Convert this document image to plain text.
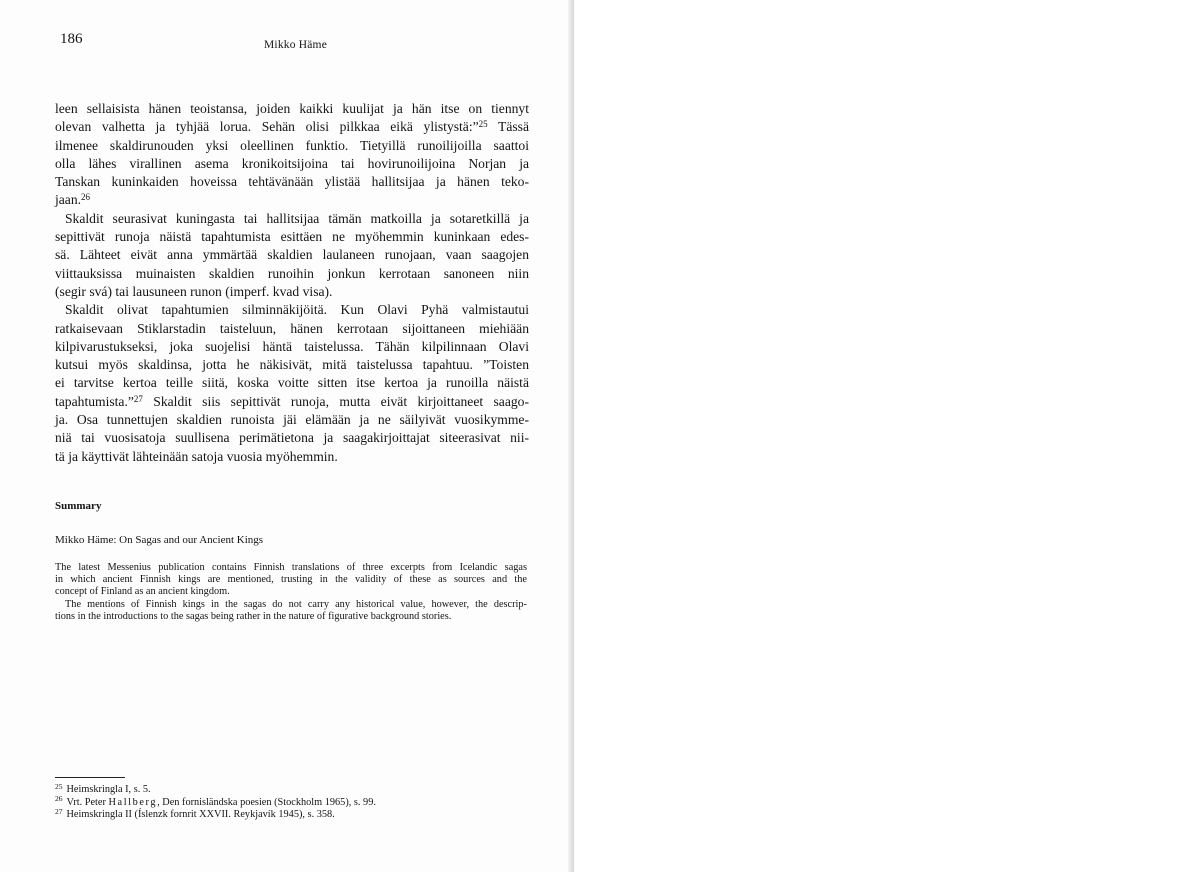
186	Mikko Häme
leen sellaisista hänen teoistansa, joiden kaikki kuulijat ja hän itse on tiennyt
olevan valhetta ja tyhjää lorua. Sehän olisi pilkkaa eikä ylistystä:”$^{25}$ Tässä
ilmenee skaldirunouden yksi oleellinen funktio. Tietyillä runoilijoilla saattoi
olla lähes virallinen asema kronikoitsijoina tai hovirunoilijoina Norjan ja
Tanskan kuninkaiden hoveissa tehtävänään ylistää hallitsijaa ja hänen teko-
jaan.$^{26}$
Skaldit seurasivat kuningasta tai hallitsijaa tämän matkoilla ja sotaretkillä ja
sepittivät runoja näistä tapahtumista esittäen ne myöhemmin kuninkaan edes-
sä. Lähteet eivät anna ymmärtää skaldien laulaneen runojaan, vaan saagojen
viittauksissa muinaisten skaldien runoihin jonkun kerrotaan sanoneen niin
(segir svá) tai lausuneen runon (imperf. kvad visa).
Skaldit olivat tapahtumien silminnäkijöitä. Kun Olavi Pyhä valmistautui
ratkaisevaan Stiklarstadin taisteluun, hänen kerrotaan sijoittaneen miehiään
kilpivarustukseksi, joka suojelisi häntä taistelussa. Tähän kilpilinnaan Olavi
kutsui myös skaldinsa, jotta he näkisivät, mitä taistelussa tapahtuu. ”Toisten
ei tarvitse kertoa teille siitä, koska voitte sitten itse kertoa ja runoilla näistä
tapahtumista.”$^{27}$ Skaldit siis sepittivät runoja, mutta eivät kirjoittaneet saago-
ja. Osa tunnettujen skaldien runoista jäi elämään ja ne säilyivät vuosikymme-
niä tai vuosisatoja suullisena perimätietona ja saagakirjoittajat siteerasivat nii-
tä ja käyttivät lähteinään satoja vuosia myöhemmin.
Summary
Mikko Häme: On Sagas and our Ancient Kings
The latest Messenius publication contains Finnish translations of three excerpts from Icelandic sagas
in which ancient Finnish kings are mentioned, trusting in the validity of these as sources and the
concept of Finland as an ancient kingdom.
The mentions of Finnish kings in the sagas do not carry any historical value, however, the descrip-
tions in the introductions to the sagas being rather in the nature of figurative background stories.
$^{25}$ Heimskringla I, s. 5.
$^{26}$ Vrt. Peter Hallberg, Den fornisländska poesien (Stockholm 1965), s. 99.
$^{27}$ Heimskringla II (Íslenzk fornrit XXVII. Reykjavík 1945), s. 358.
